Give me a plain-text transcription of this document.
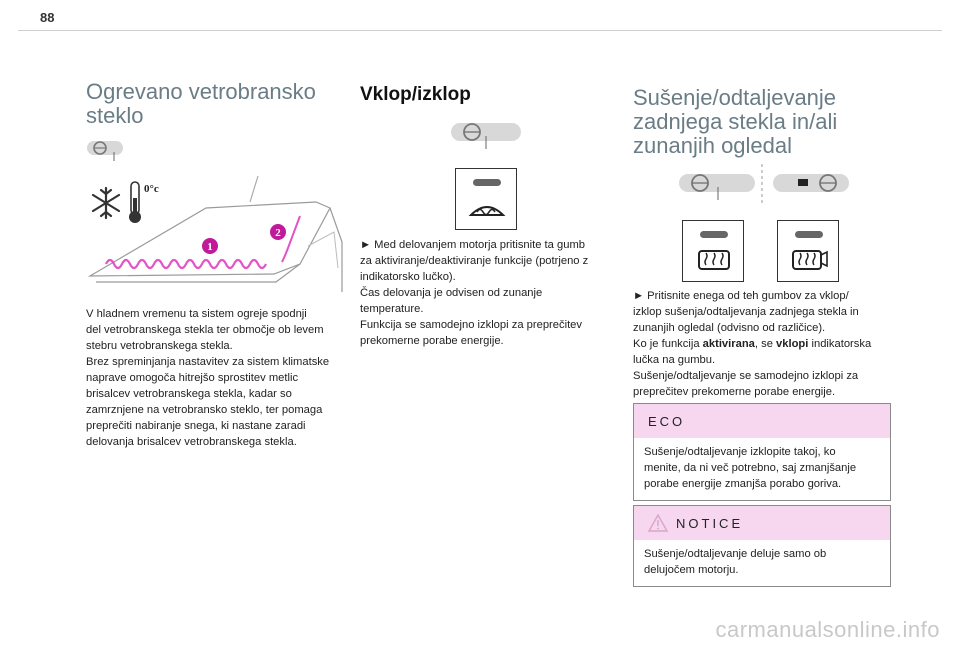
88
Ogrevano vetrobransko
steklo
0°c
1
2
V hladnem vremenu ta sistem ogreje spodnji
del vetrobranskega stekla ter območje ob levem
stebru vetrobranskega stekla.
Brez spreminjanja nastavitev za sistem klimatske
naprave omogoča hitrejšo sprostitev metlic
brisalcev vetrobranskega stekla, kadar so
zamrznjene na vetrobransko steklo, ter pomaga
preprečiti nabiranje snega, ki nastane zaradi
delovanja brisalcev vetrobranskega stekla.
Vklop/izklop
► Med delovanjem motorja pritisnite ta gumb
za aktiviranje/deaktiviranje funkcije (potrjeno z
indikatorsko lučko).
Čas delovanja je odvisen od zunanje
temperature.
Funkcija se samodejno izklopi za preprečitev
prekomerne porabe energije.
Sušenje/odtaljevanje
zadnjega stekla in/ali
zunanjih ogledal
► Pritisnite enega od teh gumbov za vklop/
izklop sušenja/odtaljevanja zadnjega stekla in
zunanjih ogledal (odvisno od različice).
Ko je funkcija aktivirana, se vklopi indikatorska
lučka na gumbu.
Sušenje/odtaljevanje se samodejno izklopi za
preprečitev prekomerne porabe energije.
ECO
Sušenje/odtaljevanje izklopite takoj, ko
menite, da ni več potrebno, saj zmanjšanje
porabe energije zmanjša porabo goriva.
NOTICE
Sušenje/odtaljevanje deluje samo ob
delujočem motorju.
carmanualsonline.info
